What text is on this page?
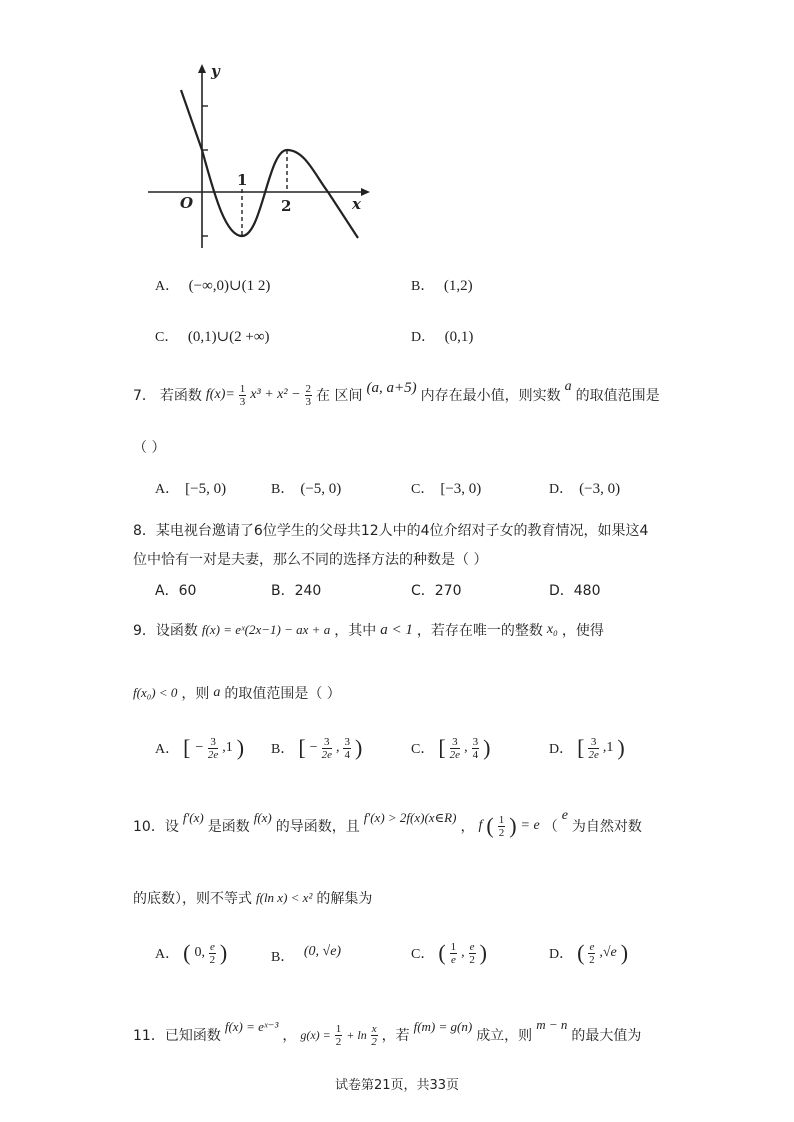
y
x
O
1
2
A． (−∞,0)∪(1 2)	B． (1,2)
C． (0,1)∪(2 +∞)	D． (0,1)
7． 若函数 $f(x)= \frac{1}{3} x^3 + x^2 - \frac{2}{3}$ 在 区间
(a, a+5)
内存在最小值，则实数
a
的取值范围是
（ ）
A． [−5, 0)	B． (−5, 0)	C． [−3, 0)	D． (−3, 0)
8．某电视台邀请了6位学生的父母共12人中的4位介绍对子女的教育情况，如果这4
位中恰有一对是夫妻，那么不同的选择方法的种数是（ ）
A．60	B．240	C．270	D．480
9．设函数 f(x) = eˣ(2x−1) − ax + a ，其中 a < 1 ，若存在唯一的整数 x₀ ，使得
f(x₀) < 0 ，则 a 的取值范围是（ ）
A． [ − $\frac{3}{2e} ,1$ ) B． [ − $\frac{3}{2e}$ , $\frac{3}{4}$ )	C． [ $\frac{3}{2e}$ , $\frac{3}{4}$ )	D． [ $\frac{3}{2e} ,1$ )
10．设
f′(x)
是函数
f(x)
的导函数，且
f′(x) > 2f(x)(x∈R)
， f ( $\frac{1}{2}$ ) = e （
e
为自然对数
的底数），则不等式 f(ln x) < x² 的解集为
A． ( 0, $\frac{e}{2}$ )	B． (0, √e)	C． ( $\frac{1}{e}$ , $\frac{e}{2}$ )	D． ( $\frac{e}{2} ,√e$ )
11．已知函数
f(x) = eˣ⁻³
， $g(x) = \frac{1}{2} + \ln \frac{x}{2}$ ，若
f(m) = g(n)
成立，则
m − n
的最大值为
试卷第21页，共33页
